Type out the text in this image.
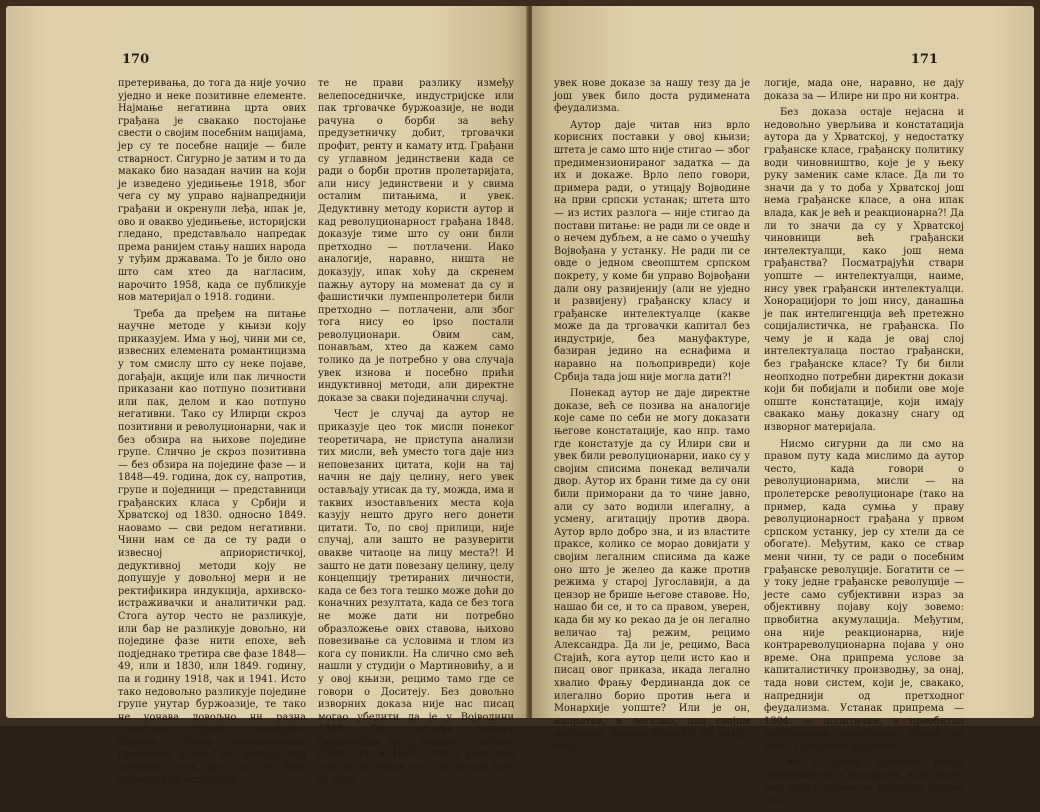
170

претеривања, до тога да није уочио уједно и неке позитивне елементе. Најмање негативна црта ових грађана је свакако постојање свести о својим посебним нацијама, јер су те посебне нације — биле стварност. Сигурно је затим и то да макако био назадан начин на који је изведено уједињење 1918, због чега су му управо најнапреднији грађани и окренули леђа, ипак је, ово и овакво уједињење, историјски гледано, представљало напредак према ранијем стању наших народа у туђим државама. То је било оно што сам хтео да нагласим, нарочито 1958, када се публикује нов материјал о 1918. години.

Треба да пређем на питање научне методе у књизи коју приказујем. Има у њој, чини ми се, извесних елемената романтицизма у том смислу што су неке појаве, догађаји, акције или пак личности приказани као потпуно позитивни или пак, делом и као потпуно негативни. Тако су Илирци скроз позитивни и револуционарни, чак и без обзира на њихове поједине групе. Слично је скроз позитивна — без обзира на поједине фазе — и 1848—49. година, док су, напротив, групе и поједници — представници грађанских класа у Србији и Хрватској од 1830. односно 1849. наовамо — сви редом негативни. Чини нам се да се ту ради о извесној априористичкој, дедуктивној методи коју не допушује у довољној мери и не ректификира индукција, архивско-истраживачки и аналитички рад. Стога аутор често не разликује, или бар не разликује довољно, ни поједине фазе нити епохе, већ подједнако третира све фазе 1848—49, или и 1830, или 1849. годину, па и годину 1918, чак и 1941. Исто тако недовољно разликује поједине групе унутар буржоазије, те тако не уочава довољно ни разна схватања, струје, групације, партије унутар представника грађанске класе. То, можда, под утицајем тога што се не бави економском историјом,

те не прави разлику између велепоседничке, индустријске или пак трговачке буржоазије, не води рачуна о борби за већу предузетничку добит, трговачки профит, ренту и камату итд. Грађани су углавном јединствени када се ради о борби против пролетаријата, али нису јединствени и у свима осталим питањима, и увек. Дедуктивну методу користи аутор и кад револуционарност грађана 1848. доказује тиме што су они били претходно — потлачени. Иако аналогије, наравно, ништа не доказују, ипак хоћу да скренем пажњу аутору на моменат да су и фашистички лумпенпролетери били претходно — потлачени, али због тога нису eo ipso постали револуционари. Овим сам, понављам, хтео да кажем само толико да је потребно у ова случаја увек изнова и посебно прићи индуктивној методи, али директне доказе за сваки појединачни случај.

Чест је случај да аутор не приказује цео ток мисли понеког теоретичара, не приступа анализи тих мисли, већ уместо тога даје низ неповезаних цитата, који на тај начин не дају целину, него увек остављају утисак да ту, можда, има и таквих изостављених места која казују нешто друго него донети цитати. То, по свој прилици, није случај, али зашто не разуверити овакве читаоце на лицу места?! И зашто не дати повезану целину, целу концепцију третираних личности, када се без тога тешко може доћи до коначних резултата, када се без тога не може дати ни потребно образложење ових ставова, њихово повезивање са условима и тлом из кога су поникли. На слично смо већ нашли у студији о Мартиновићу, а и у овој књизи, рецимо тамо где се говори о Доситеју. Без довољно изворних доказа није нас писац могао убедити да је у Војводини 1848, без остатка укинут феудализам, јер у нашим студијама (1848—49. и 1867—1918.) увек смо нашли на читав низ околности које су дале

171

увек нове доказе за нашу тезу да је још увек било доста рудимената феудализма.

Аутор даје читав низ врло корисних поставки у овој књизи; штета је само што није стигао — због предимензионираног задатка — да их и докаже. Врло лепо говори, примера ради, о утицају Војводине на први српски устанак; штета што — из истих разлога — није стигао да постави питање: не ради ли се овде и о нечем дубљем, а не само о учешћу Војвођана у устанку. Не ради ли се овде о једном свеопштем српском покрету, у коме би управо Војвођани дали ону развијенију (али не уједно и развијену) грађанску класу и грађанске интелектуалце (какве може да да трговачки капитал без индустрије, без мануфактуре, базиран једино на еснафима и наравно на пољопривреди) које Србија тада још није могла дати?!

Понекад аутор не даје директне доказе, већ се позива на аналогије које саме по себи не могу доказати његове констатације, као нпр. тамо где констатује да су Илири сви и увек били револуционарни, иако су у својим списима понекад величали двор. Аутор их брани тиме да су они били приморани да то чине јавно, али су зато водили илегалну, а усмену, агитацију против двора. Аутор врло добро зна, и из властите праксе, колико се морао довијати у својим легалним списима да каже оно што је желео да каже против режима у старој Југославији, а да цензор не брише његове ставове. Но, нашао би се, и то са правом, уверен, када би му ко рекао да је он легално величао тај режим, рецимо Александра. Да ли је, рецимо, Васа Стајић, кога аутор цели исто као и писац овог приказа, икада легално хвалио Фрању Фердинанда док се илегално борио против њега и Монархије уопште? Или је он, напротив, и легално, под својим потписом, хвалио Јукића?! То казују ана-

логије, мада оне, наравно, не дају доказа за — Илире ни про ни контра.

Без доказа остаје нејасна и недовољно уверљива и констатација аутора да у Хрватској, у недостатку грађанске класе, грађанску политику води чиновништво, које је у њеку руку заменик саме класе. Да ли то значи да у то доба у Хрватској још нема грађанске класе, а она ипак влада, как је већ и реакционарна?! Да ли то значи да су у Хрватској чиновници већ грађански интелектуалци, како још нема грађанства? Посматрајући ствари уопште — интелектуалци, наиме, нису увек грађански интелектуалци. Хонорацијори то још нису, данашња је пак интелигенција већ претежно социјалистичка, не грађанска. По чему је и када је овај слој интелектуалаца постао грађански, без грађанске класе? Ту би били неопходно потребни директни докази који би побијали и побили ове моје опште констатације, који имају свакако мању доказну снагу од изворног материјала.

Нисмо сигурни да ли смо на правом путу када мислимо да аутор често, када говори о револуционарима, мисли — на пролетерске револуционаре (тако на пример, када сумња у праву револуционарност грађана у првом српском устанку, јер су хтели да се обогате). Међутим, како се ствар мени чини, ту се ради о посебним грађанске револуције. Богатити се — у току једне грађанске револуције — јесте само субјективни израз за објективну појаву коју зовемо: првобитна акумулација. Међутим, она није реакционарна, није контрареволуционарна појава у оно време. Она припрема услове за капиталистичку производњу, за онај, тада нови систем, који је, свакако, напреднији од претходног феудализма. Устанак припрема — 1804. — политичке, а првобитна акумулација економске услове за ново, грађанско друштво.

Све у свему, природа посла неминовно је и Богданова, који иначе има доста услова за подухват овакве син-
